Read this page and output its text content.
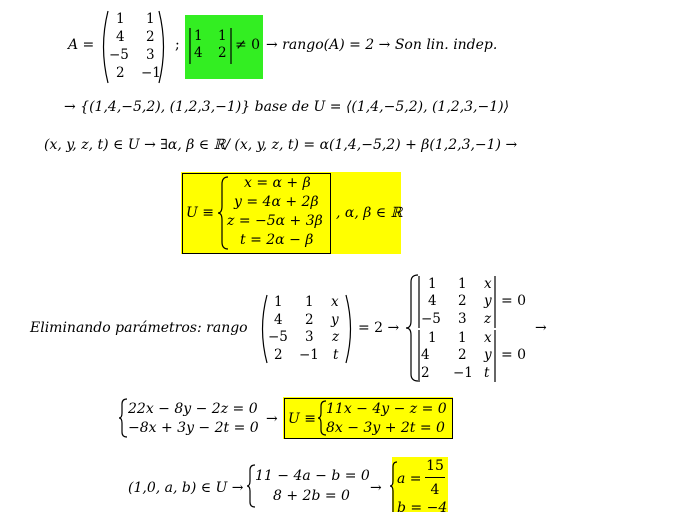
A =
1 1
4 2
−5 3
2 −1
;
1 1
4 2 ≠ 0 → rango(A) = 2 → Son lin. indep.
→ {(1,4,−5,2), (1,2,3,−1)} base de U = ⟨(1,4,−5,2), (1,2,3,−1)⟩
(x, y, z, t) ∈ U → ∃α, β ∈ ℝ/ (x, y, z, t) = α(1,4,−5,2) + β(1,2,3,−1) →
U ≡
x = α + β
y = 4α + 2β
z = −5α + 3β
t = 2α − β
, α, β ∈ ℝ
Eliminando parámetros: rango
1 1 x
4 2 y
−5 3 z
2 −1 t
= 2 →
1 1 x
4 2 y
−5 3 z
= 0
1 1 x
4 2 y
2 −1 t
= 0
→
22x − 8y − 2z = 0
−8x + 3y − 2t = 0
→ U ≡
11x − 4y − z = 0
8x − 3y + 2t = 0
(1,0, a, b) ∈ U →
11 − 4a − b = 0
8 + 2b = 0 →
a =
15
4
b = −4
